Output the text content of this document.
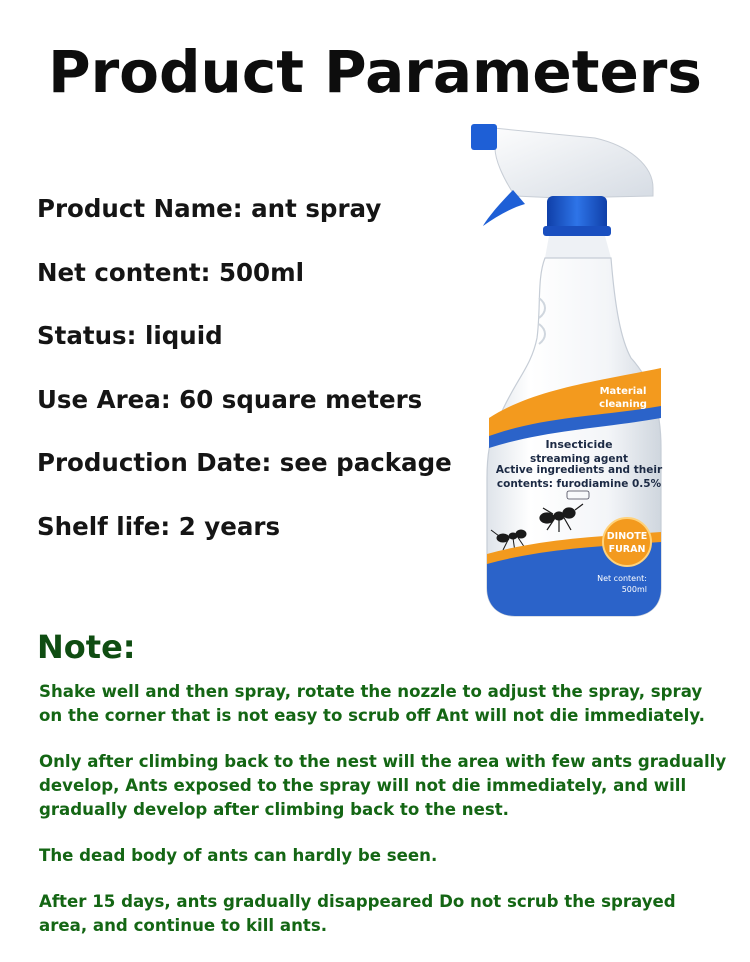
Product Parameters
Product Name: ant spray
Net content: 500ml
Status: liquid
Use Area: 60 square meters
Production Date: see package
Shelf life: 2 years
Material
cleaning
Insecticide
streaming agent
Active ingredients and their
contents: furodiamine 0.5%
DINOTE
FURAN
Net content:
500ml
Note:

Shake well and then spray, rotate the nozzle to adjust the spray, spray on the corner that is not easy to scrub off Ant will not die immediately.

Only after climbing back to the nest will the area with few ants gradually develop, Ants exposed to the spray will not die immediately, and will gradually develop after climbing back to the nest.

The dead body of ants can hardly be seen.

After 15 days, ants gradually disappeared Do not scrub the sprayed area, and continue to kill ants.
